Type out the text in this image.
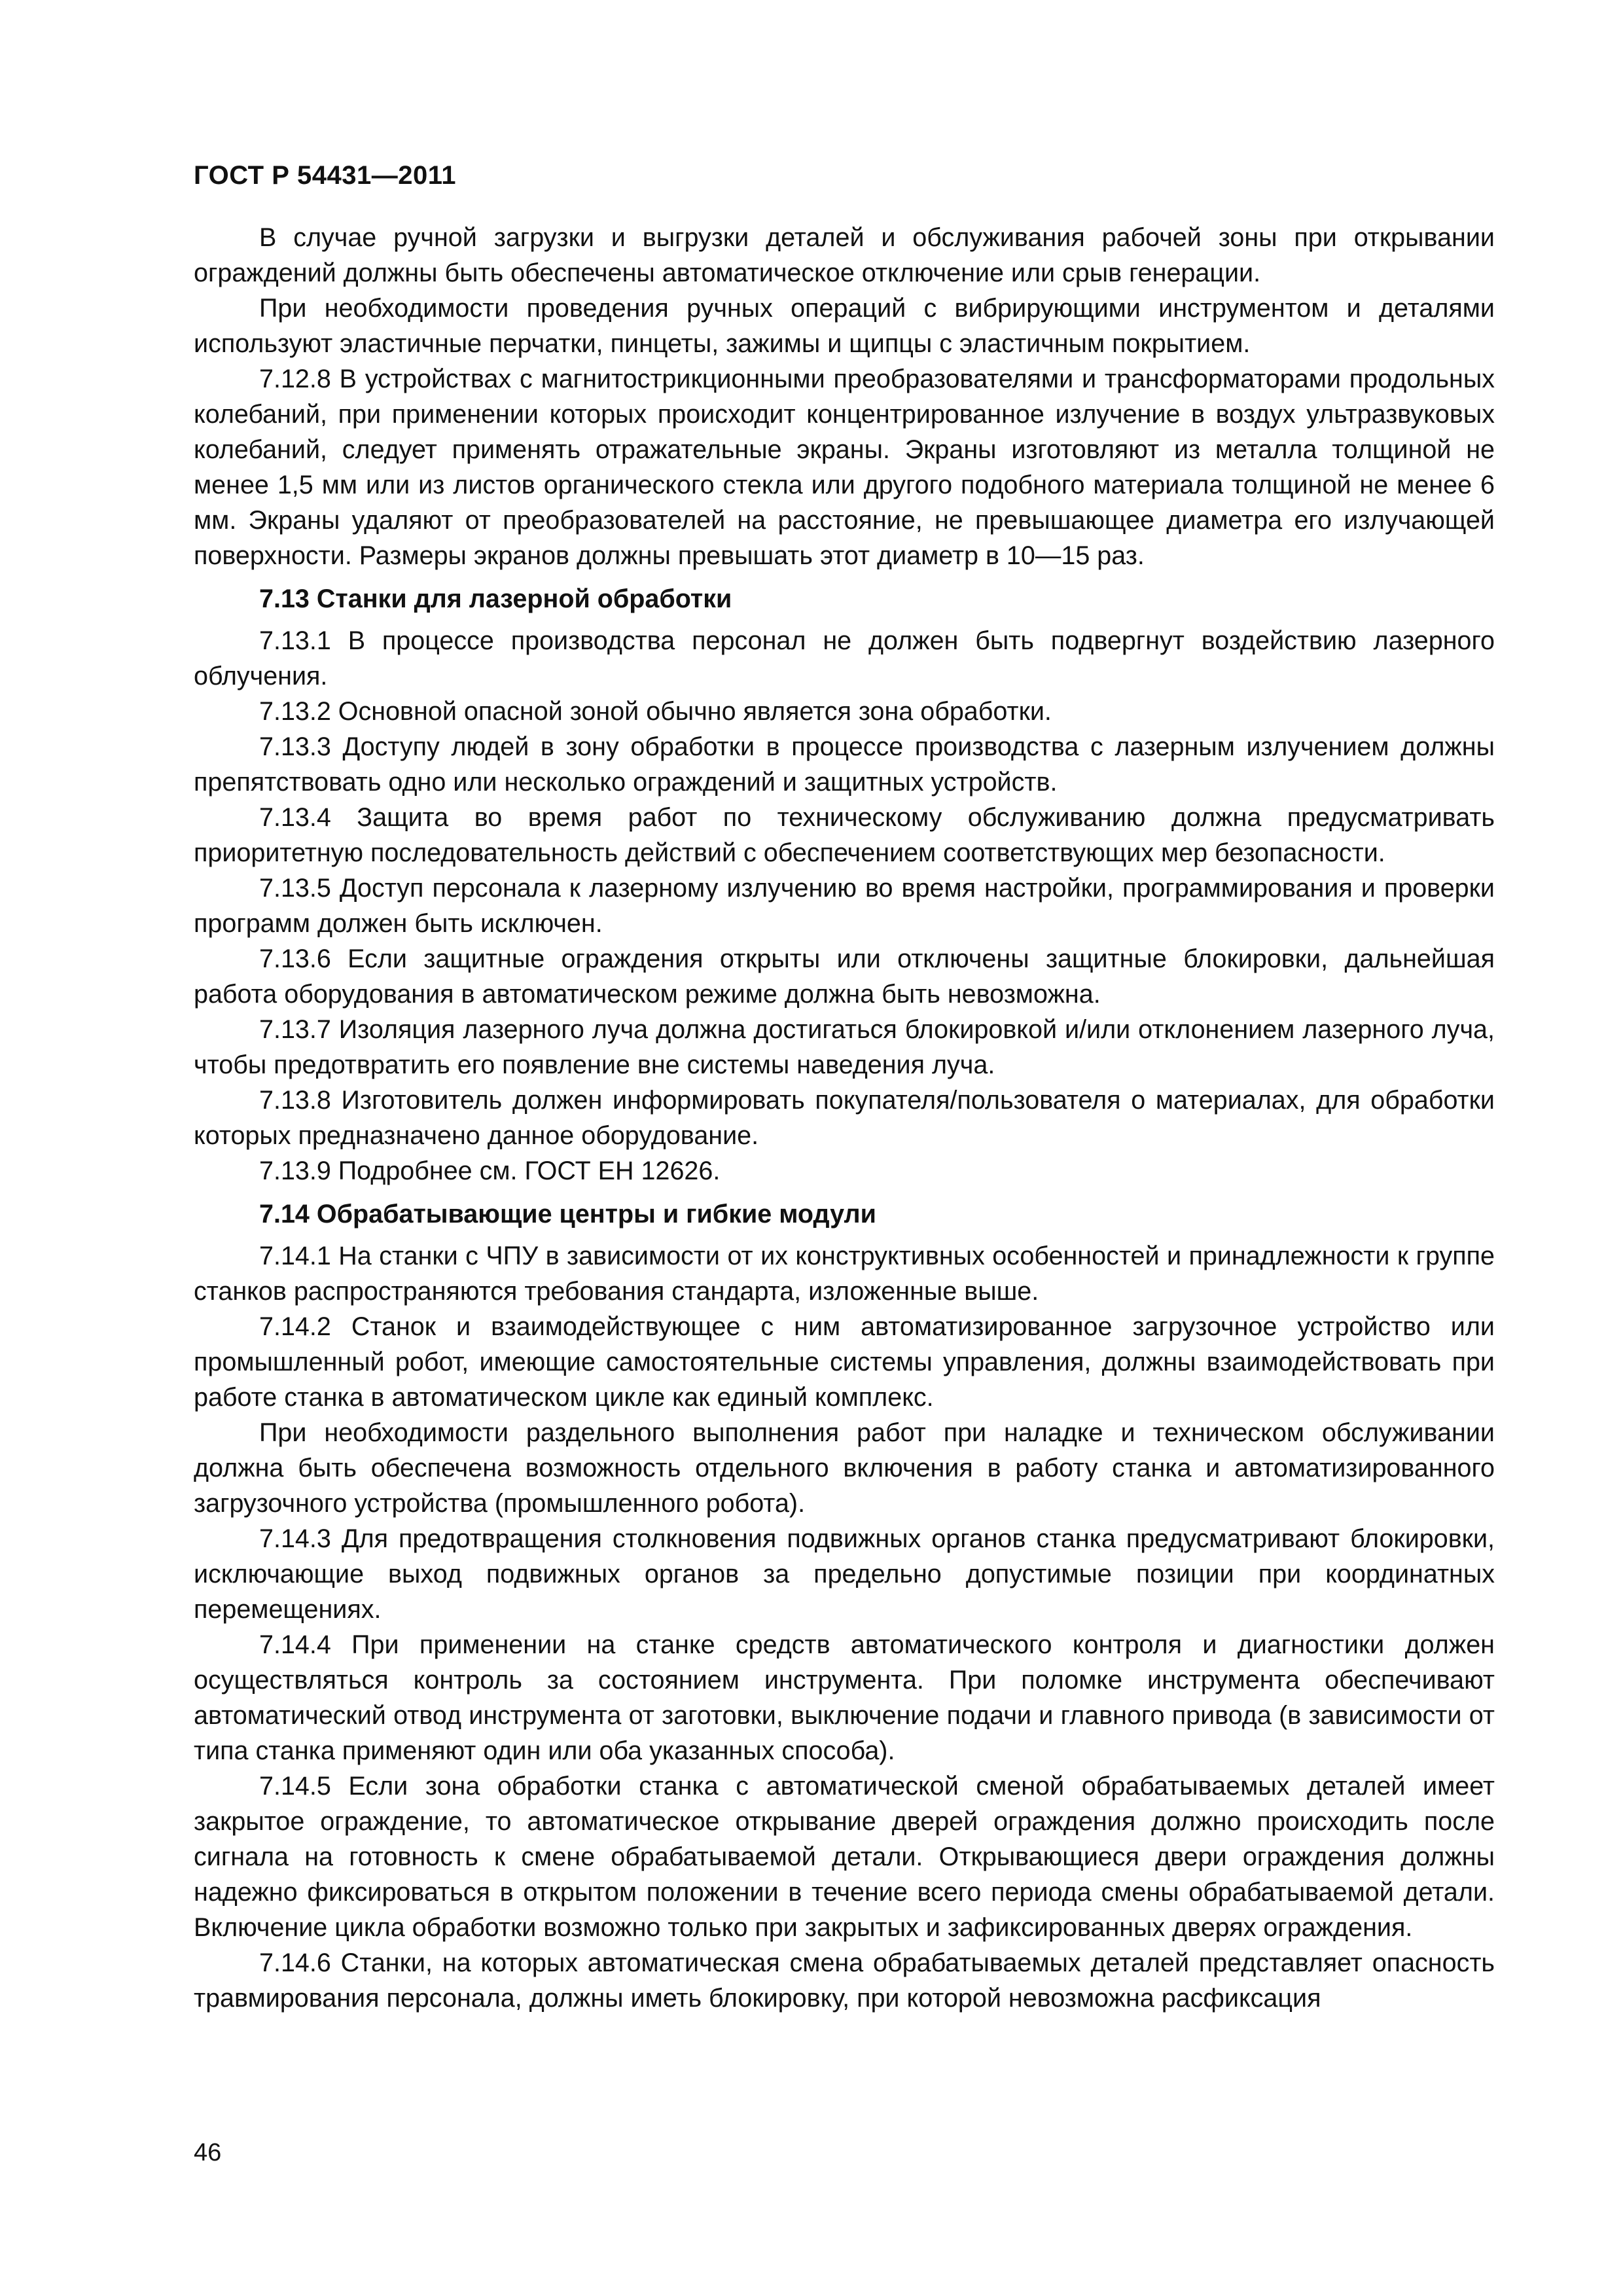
ГОСТ Р 54431—2011

В случае ручной загрузки и выгрузки деталей и обслуживания рабочей зоны при открывании ограждений должны быть обеспечены автоматическое отключение или срыв генерации.

При необходимости проведения ручных операций с вибрирующими инструментом и деталями используют эластичные перчатки, пинцеты, зажимы и щипцы с эластичным покрытием.

7.12.8 В устройствах с магнитострикционными преобразователями и трансформаторами продольных колебаний, при применении которых происходит концентрированное излучение в воздух ультразвуковых колебаний, следует применять отражательные экраны. Экраны изготовляют из металла толщиной не менее 1,5 мм или из листов органического стекла или другого подобного материала толщиной не менее 6 мм. Экраны удаляют от преобразователей на расстояние, не превышающее диаметра его излучающей поверхности. Размеры экранов должны превышать этот диаметр в 10—15 раз.

7.13 Станки для лазерной обработки

7.13.1 В процессе производства персонал не должен быть подвергнут воздействию лазерного облучения.

7.13.2 Основной опасной зоной обычно является зона обработки.

7.13.3 Доступу людей в зону обработки в процессе производства с лазерным излучением должны препятствовать одно или несколько ограждений и защитных устройств.

7.13.4 Защита во время работ по техническому обслуживанию должна предусматривать приоритетную последовательность действий с обеспечением соответствующих мер безопасности.

7.13.5 Доступ персонала к лазерному излучению во время настройки, программирования и проверки программ должен быть исключен.

7.13.6 Если защитные ограждения открыты или отключены защитные блокировки, дальнейшая работа оборудования в автоматическом режиме должна быть невозможна.

7.13.7 Изоляция лазерного луча должна достигаться блокировкой и/или отклонением лазерного луча, чтобы предотвратить его появление вне системы наведения луча.

7.13.8 Изготовитель должен информировать покупателя/пользователя о материалах, для обработки которых предназначено данное оборудование.

7.13.9 Подробнее см. ГОСТ ЕН 12626.

7.14 Обрабатывающие центры и гибкие модули

7.14.1 На станки с ЧПУ в зависимости от их конструктивных особенностей и принадлежности к группе станков распространяются требования стандарта, изложенные выше.

7.14.2 Станок и взаимодействующее с ним автоматизированное загрузочное устройство или промышленный робот, имеющие самостоятельные системы управления, должны взаимодействовать при работе станка в автоматическом цикле как единый комплекс.

При необходимости раздельного выполнения работ при наладке и техническом обслуживании должна быть обеспечена возможность отдельного включения в работу станка и автоматизированного загрузочного устройства (промышленного робота).

7.14.3 Для предотвращения столкновения подвижных органов станка предусматривают блокировки, исключающие выход подвижных органов за предельно допустимые позиции при координатных перемещениях.

7.14.4 При применении на станке средств автоматического контроля и диагностики должен осуществляться контроль за состоянием инструмента. При поломке инструмента обеспечивают автоматический отвод инструмента от заготовки, выключение подачи и главного привода (в зависимости от типа станка применяют один или оба указанных способа).

7.14.5 Если зона обработки станка с автоматической сменой обрабатываемых деталей имеет закрытое ограждение, то автоматическое открывание дверей ограждения должно происходить после сигнала на готовность к смене обрабатываемой детали. Открывающиеся двери ограждения должны надежно фиксироваться в открытом положении в течение всего периода смены обрабатываемой детали. Включение цикла обработки возможно только при закрытых и зафиксированных дверях ограждения.

7.14.6 Станки, на которых автоматическая смена обрабатываемых деталей представляет опасность травмирования персонала, должны иметь блокировку, при которой невозможна расфиксация

46
